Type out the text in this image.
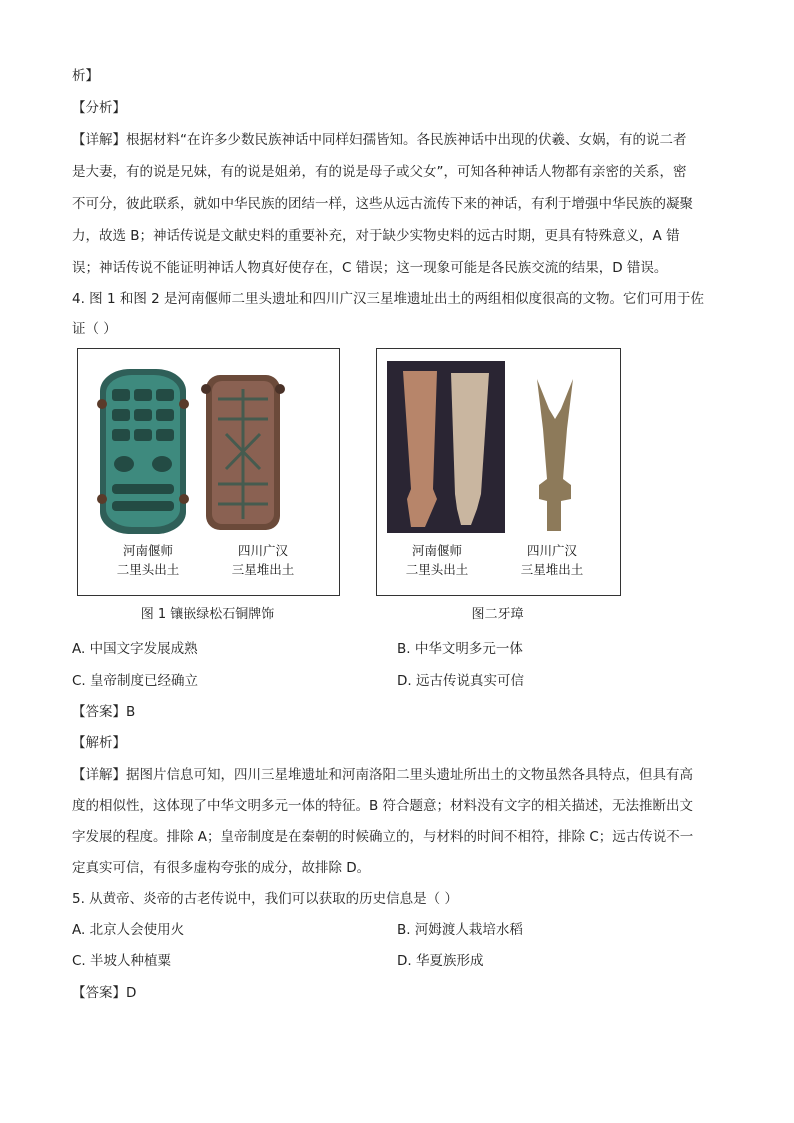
析】
【分析】
【详解】根据材料“在许多少数民族神话中同样妇孺皆知。各民族神话中出现的伏羲、女娲，有的说二者
是大妻，有的说是兄妹，有的说是姐弟，有的说是母子或父女”，可知各种神话人物都有亲密的关系，密
不可分，彼此联系，就如中华民族的团结一样，这些从远古流传下来的神话，有利于增强中华民族的凝聚
力，故选 B；神话传说是文献史料的重要补充，对于缺少实物史料的远古时期，更具有特殊意义，A 错
误；神话传说不能证明神话人物真好使存在，C 错误；这一现象可能是各民族交流的结果，D 错误。
4. 图 1 和图 2 是河南偃师二里头遗址和四川广汉三星堆遗址出土的两组相似度很高的文物。它们可用于佐
证（ ）
河南偃师
二里头出土
四川广汉
三星堆出土
图 1 镶嵌绿松石铜牌饰
河南偃师
二里头出土
四川广汉
三星堆出土
图二牙璋
A. 中国文字发展成熟	B. 中华文明多元一体
C. 皇帝制度已经确立	D. 远古传说真实可信
【答案】B
【解析】
【详解】据图片信息可知，四川三星堆遗址和河南洛阳二里头遗址所出土的文物虽然各具特点，但具有高
度的相似性，这体现了中华文明多元一体的特征。B 符合题意；材料没有文字的相关描述，无法推断出文
字发展的程度。排除 A；皇帝制度是在秦朝的时候确立的，与材料的时间不相符，排除 C；远古传说不一
定真实可信，有很多虚构夸张的成分，故排除 D。
5. 从黄帝、炎帝的古老传说中，我们可以获取的历史信息是（ ）
A. 北京人会使用火	B. 河姆渡人栽培水稻
C. 半坡人种植粟	D. 华夏族形成
【答案】D
